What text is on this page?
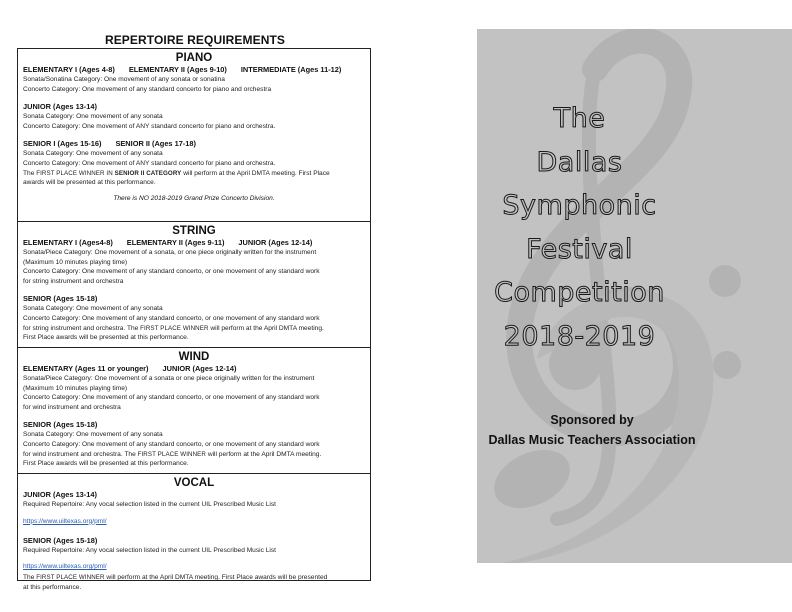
REPERTOIRE REQUIREMENTS
PIANO
ELEMENTARY I (Ages 4-8) ELEMENTARY II (Ages 9-10) INTERMEDIATE (Ages 11-12)
Sonata/Sonatina Category: One movement of any sonata or sonatina
Concerto Category: One movement of any standard concerto for piano and orchestra
JUNIOR (Ages 13-14)
Sonata Category: One movement of any sonata
Concerto Category: One movement of ANY standard concerto for piano and orchestra.
SENIOR I (Ages 15-16) SENIOR II (Ages 17-18)
Sonata Category: One movement of any sonata
Concerto Category: One movement of ANY standard concerto for piano and orchestra.
The FIRST PLACE WINNER IN SENIOR II CATEGORY will perform at the April DMTA meeting. First Place
awards will be presented at this performance.
There is NO 2018-2019 Grand Prize Concerto Division.
STRING
ELEMENTARY I (Ages4-8) ELEMENTARY II (Ages 9-11) JUNIOR (Ages 12-14)
Sonata/Piece Category: One movement of a sonata, or one piece originally written for the instrument
(Maximum 10 minutes playing time)
Concerto Category: One movement of any standard concerto, or one movement of any standard work
for string instrument and orchestra
SENIOR (Ages 15-18)
Sonata Category: One movement of any sonata
Concerto Category: One movement of any standard concerto, or one movement of any standard work
for string instrument and orchestra. The FIRST PLACE WINNER will perform at the April DMTA meeting.
First Place awards will be presented at this performance.
WIND
ELEMENTARY (Ages 11 or younger) JUNIOR (Ages 12-14)
Sonata/Piece Category: One movement of a sonata or one piece originally written for the instrument
(Maximum 10 minutes playing time)
Concerto Category: One movement of any standard concerto, or one movement of any standard work
for wind instrument and orchestra
SENIOR (Ages 15-18)
Sonata Category: One movement of any sonata
Concerto Category: One movement of any standard concerto, or one movement of any standard work
for wind instrument and orchestra. The FIRST PLACE WINNER will perform at the April DMTA meeting.
First Place awards will be presented at this performance.
VOCAL
JUNIOR (Ages 13-14)
Required Repertoire: Any vocal selection listed in the current UIL Prescribed Music List
https://www.uiltexas.org/pml/
SENIOR (Ages 15-18)
Required Repertoire: Any vocal selection listed in the current UIL Prescribed Music List
https://www.uiltexas.org/pml/
The FIRST PLACE WINNER will perform at the April DMTA meeting. First Place awards will be presented
at this performance.
The
Dallas
Symphonic
Festival
Competition
2018-2019
Sponsored by
Dallas Music Teachers Association
